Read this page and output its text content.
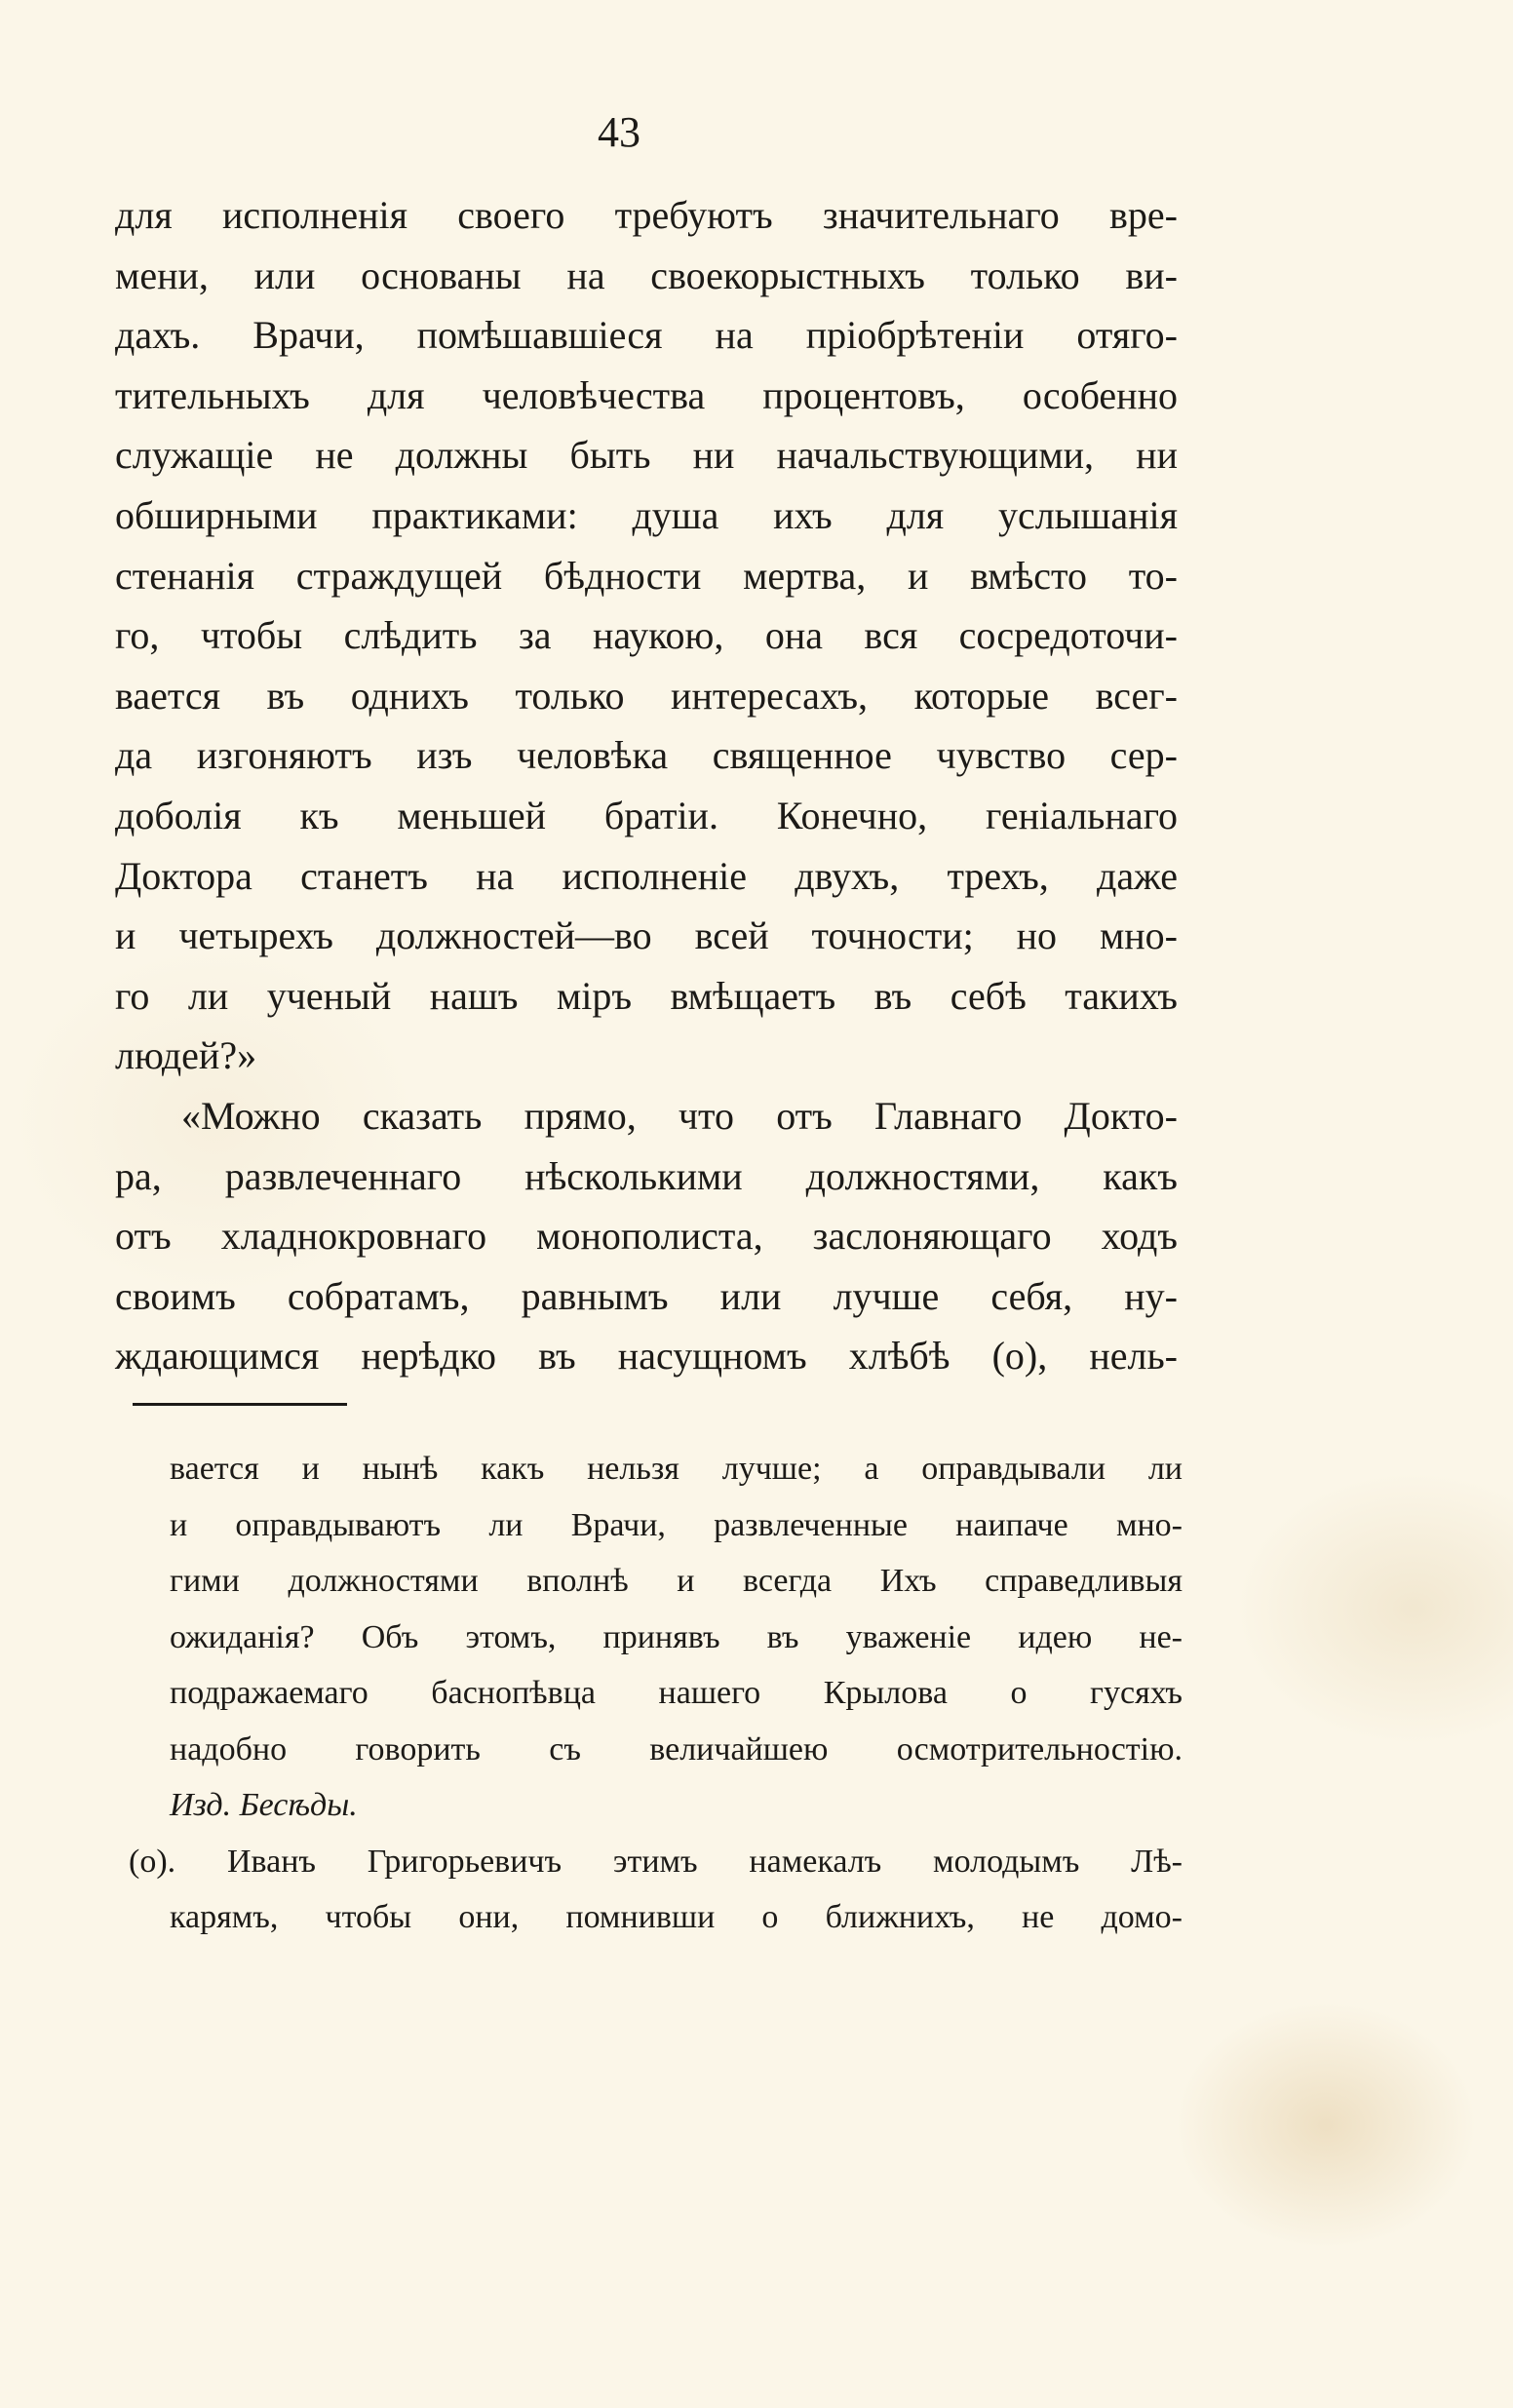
43
для исполненія своего требуютъ значительнаго вре-
мени, или основаны на своекорыстныхъ только ви-
дахъ. Врачи, помѣшавшіеся на пріобрѣтеніи отяго-
тительныхъ для человѣчества процентовъ, особенно
служащіе не должны быть ни начальствующими, ни
обширными практиками: душа ихъ для услышанія
стенанія страждущей бѣдности мертва, и вмѣсто то-
го, чтобы слѣдить за наукою, она вся сосредоточи-
вается въ однихъ только интересахъ, которые всег-
да изгоняютъ изъ человѣка священное чувство сер-
доболія къ меньшей братіи. Конечно, геніальнаго
Доктора станетъ на исполненіе двухъ, трехъ, даже
и четырехъ должностей—во всей точности; но мно-
го ли ученый нашъ міръ вмѣщаетъ въ себѣ такихъ
людей?»
«Можно сказать прямо, что отъ Главнаго Докто-
ра, развлеченнаго нѣсколькими должностями, какъ
отъ хладнокровнаго монополиста, заслоняющаго ходъ
своимъ собратамъ, равнымъ или лучше себя, ну-
ждающимся нерѣдко въ насущномъ хлѣбѣ (о), нель-
вается и нынѣ какъ нельзя лучше; а оправдывали ли
и оправдываютъ ли Врачи, развлеченные наипаче мно-
гими должностями вполнѣ и всегда Ихъ справедливыя
ожиданія? Объ этомъ, принявъ въ уваженіе идею не-
подражаемаго баснопѣвца нашего Крылова о гусяхъ
надобно говорить съ величайшею осмотрительностію.
Изд. Бесѣды.
(о). Иванъ Григорьевичъ этимъ намекалъ молодымъ Лѣ-
карямъ, чтобы они, помнивши о ближнихъ, не домо-
